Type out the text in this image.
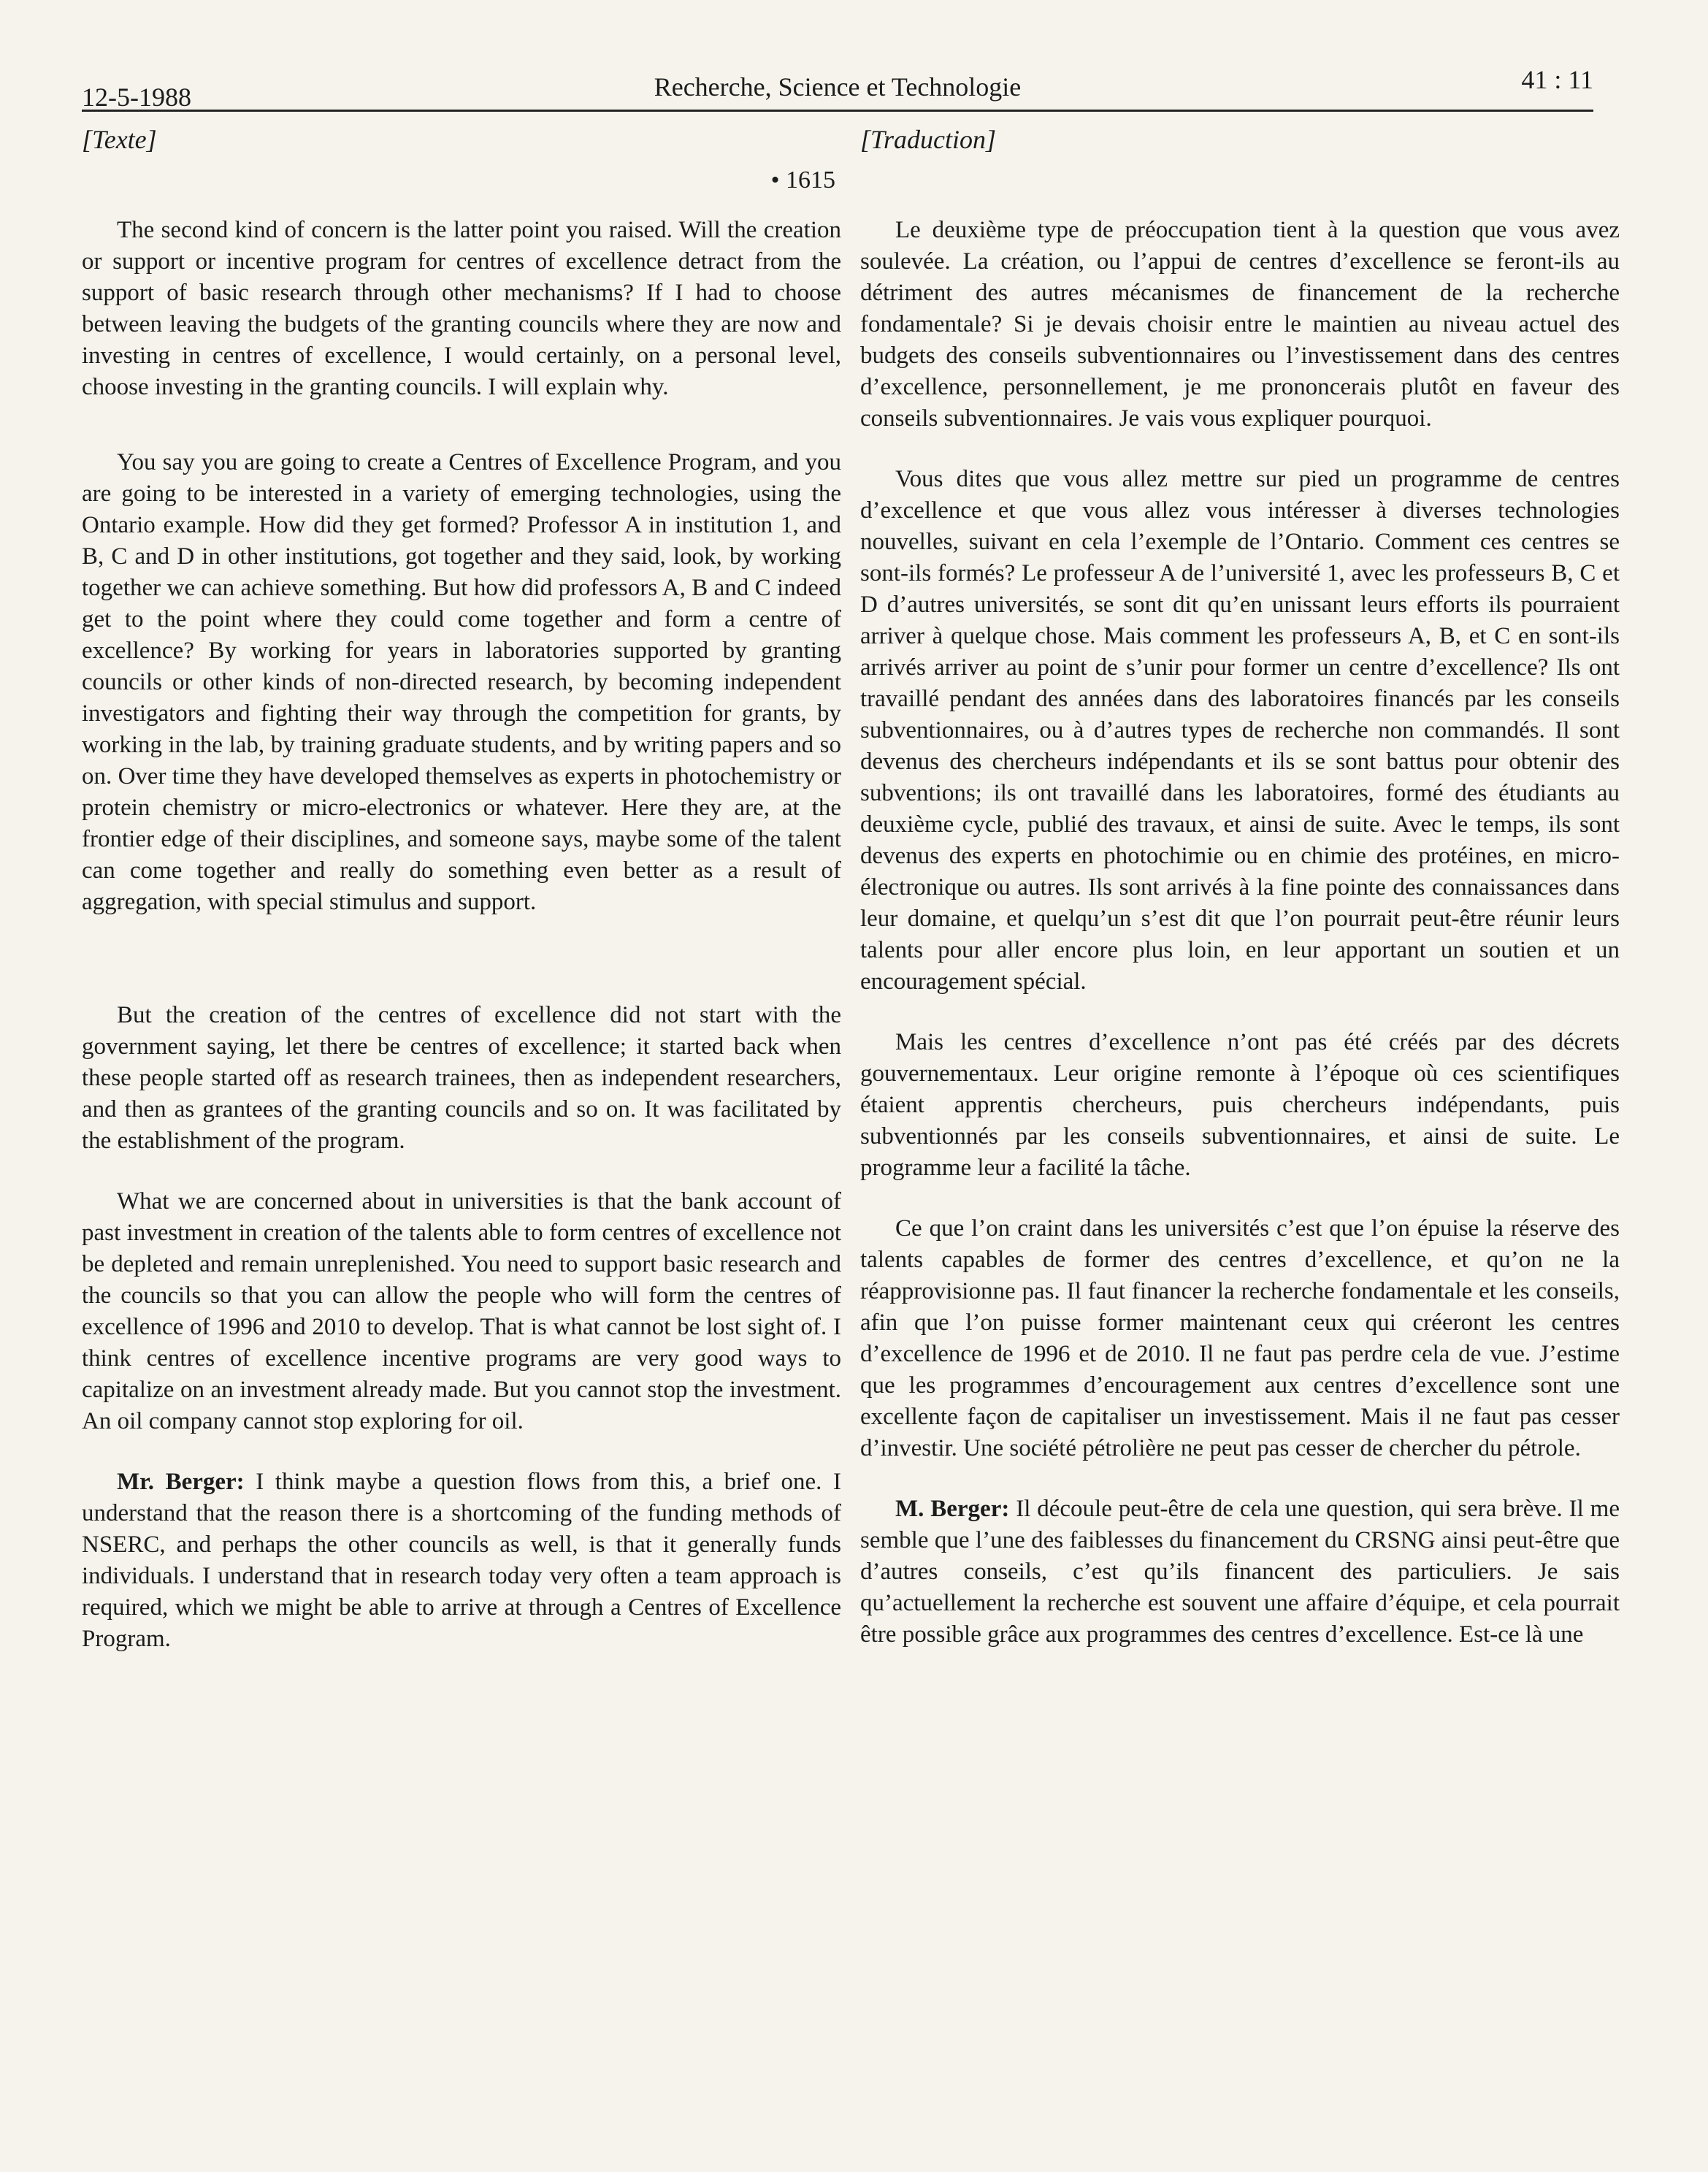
12-5-1988	Recherche, Science et Technologie	41 : 11

[Texte]

• 1615

The second kind of concern is the latter point you raised. Will the creation or support or incentive program for centres of excellence detract from the support of basic research through other mechanisms? If I had to choose between leaving the budgets of the granting councils where they are now and investing in centres of excellence, I would certainly, on a personal level, choose investing in the granting councils. I will explain why.

You say you are going to create a Centres of Excellence Program, and you are going to be interested in a variety of emerging technologies, using the Ontario example. How did they get formed? Professor A in institution 1, and B, C and D in other institutions, got together and they said, look, by working together we can achieve something. But how did professors A, B and C indeed get to the point where they could come together and form a centre of excellence? By working for years in laboratories supported by granting councils or other kinds of non-directed research, by becoming independent investigators and fighting their way through the competition for grants, by working in the lab, by training graduate students, and by writing papers and so on. Over time they have developed themselves as experts in photochemistry or protein chemistry or micro-electronics or whatever. Here they are, at the frontier edge of their disciplines, and someone says, maybe some of the talent can come together and really do something even better as a result of aggregation, with special stimulus and support.

But the creation of the centres of excellence did not start with the government saying, let there be centres of excellence; it started back when these people started off as research trainees, then as independent researchers, and then as grantees of the granting councils and so on. It was facilitated by the establishment of the program.

What we are concerned about in universities is that the bank account of past investment in creation of the talents able to form centres of excellence not be depleted and remain unreplenished. You need to support basic research and the councils so that you can allow the people who will form the centres of excellence of 1996 and 2010 to develop. That is what cannot be lost sight of. I think centres of excellence incentive programs are very good ways to capitalize on an investment already made. But you cannot stop the investment. An oil company cannot stop exploring for oil.

Mr. Berger: I think maybe a question flows from this, a brief one. I understand that the reason there is a shortcoming of the funding methods of NSERC, and perhaps the other councils as well, is that it generally funds individuals. I understand that in research today very often a team approach is required, which we might be able to arrive at through a Centres of Excellence Program.

[Traduction]

Le deuxième type de préoccupation tient à la question que vous avez soulevée. La création, ou l’appui de centres d’excellence se feront-ils au détriment des autres mécanismes de financement de la recherche fondamentale? Si je devais choisir entre le maintien au niveau actuel des budgets des conseils subventionnaires ou l’investissement dans des centres d’excellence, personnellement, je me prononcerais plutôt en faveur des conseils subventionnaires. Je vais vous expliquer pourquoi.

Vous dites que vous allez mettre sur pied un programme de centres d’excellence et que vous allez vous intéresser à diverses technologies nouvelles, suivant en cela l’exemple de l’Ontario. Comment ces centres se sont-ils formés? Le professeur A de l’université 1, avec les professeurs B, C et D d’autres universités, se sont dit qu’en unissant leurs efforts ils pourraient arriver à quelque chose. Mais comment les professeurs A, B, et C en sont-ils arrivés arriver au point de s’unir pour former un centre d’excellence? Ils ont travaillé pendant des années dans des laboratoires financés par les conseils subventionnaires, ou à d’autres types de recherche non commandés. Il sont devenus des chercheurs indépendants et ils se sont battus pour obtenir des subventions; ils ont travaillé dans les laboratoires, formé des étudiants au deuxième cycle, publié des travaux, et ainsi de suite. Avec le temps, ils sont devenus des experts en photochimie ou en chimie des protéines, en micro-électronique ou autres. Ils sont arrivés à la fine pointe des connaissances dans leur domaine, et quelqu’un s’est dit que l’on pourrait peut-être réunir leurs talents pour aller encore plus loin, en leur apportant un soutien et un encouragement spécial.

Mais les centres d’excellence n’ont pas été créés par des décrets gouvernementaux. Leur origine remonte à l’époque où ces scientifiques étaient apprentis chercheurs, puis chercheurs indépendants, puis subventionnés par les conseils subventionnaires, et ainsi de suite. Le programme leur a facilité la tâche.

Ce que l’on craint dans les universités c’est que l’on épuise la réserve des talents capables de former des centres d’excellence, et qu’on ne la réapprovisionne pas. Il faut financer la recherche fondamentale et les conseils, afin que l’on puisse former maintenant ceux qui créeront les centres d’excellence de 1996 et de 2010. Il ne faut pas perdre cela de vue. J’estime que les programmes d’encouragement aux centres d’excellence sont une excellente façon de capitaliser un investissement. Mais il ne faut pas cesser d’investir. Une société pétrolière ne peut pas cesser de chercher du pétrole.

M. Berger: Il découle peut-être de cela une question, qui sera brève. Il me semble que l’une des faiblesses du financement du CRSNG ainsi peut-être que d’autres conseils, c’est qu’ils financent des particuliers. Je sais qu’actuellement la recherche est souvent une affaire d’équipe, et cela pourrait être possible grâce aux programmes des centres d’excellence. Est-ce là une
